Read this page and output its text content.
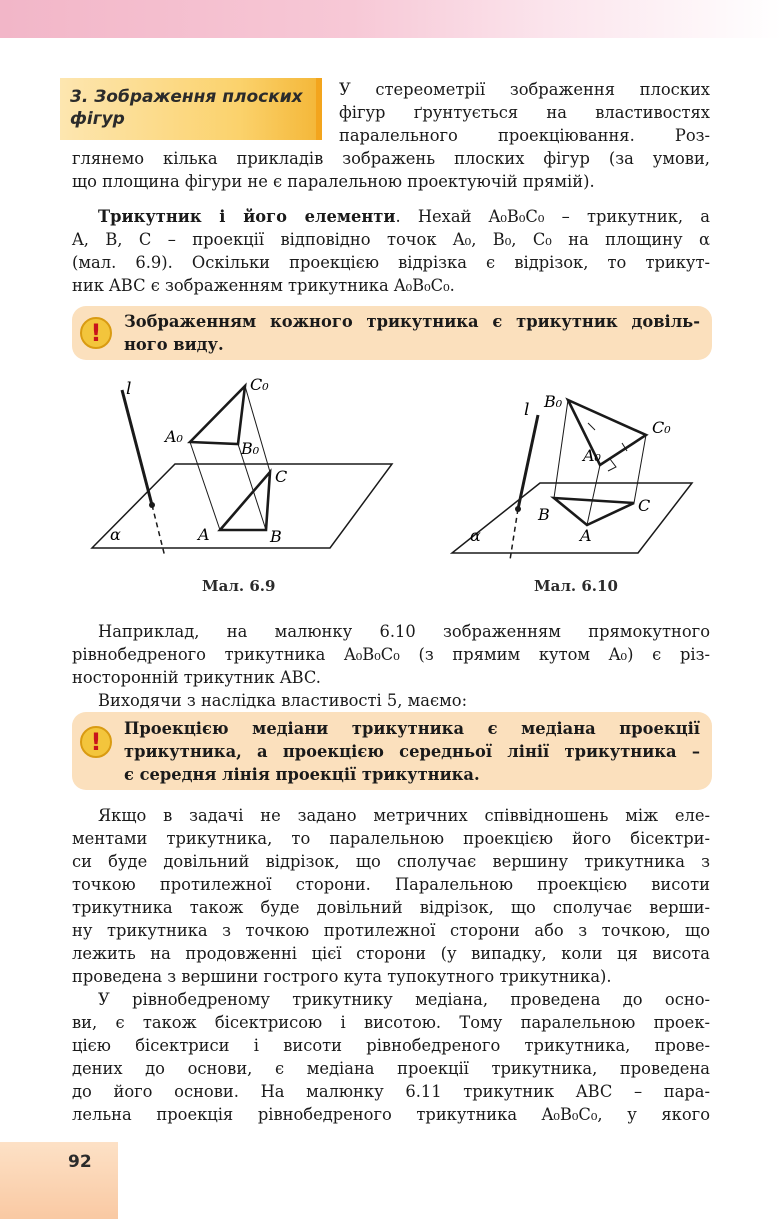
3. Зображення плоских
фігур
У стереометрії зображення плоских
фігур ґрунтується на властивостях
паралельного проекціювання. Роз-
глянемо кілька прикладів зображень плоских фігур (за умови,
що площина фігури не є паралельною проектуючій прямій).
Трикутник і його елементи. Нехай A₀B₀C₀ – трикутник, а
A, B, C – проекції відповідно точок A₀, B₀, C₀ на площину α
(мал. 6.9). Оскільки проекцією відрізка є відрізок, то трикут-
ник ABC є зображенням трикутника A₀B₀C₀.
!	Зображенням кожного трикутника є трикутник довіль-
ного виду.
l	C₀
A₀
B₀
C
A	B
α
l B₀
C₀
A₀
B	C
A
α
Мал. 6.9	Мал. 6.10
Наприклад, на малюнку 6.10 зображенням прямокутного
рівнобедреного трикутника A₀B₀C₀ (з прямим кутом A₀) є різ-
носторонній трикутник ABC.
Виходячи з наслідка властивості 5, маємо:
!	Проекцією медіани трикутника є медіана проекції
трикутника, а проекцією середньої лінії трикутника –
є середня лінія проекції трикутника.
Якщо в задачі не задано метричних співвідношень між еле-
ментами трикутника, то паралельною проекцією його бісектри-
си буде довільний відрізок, що сполучає вершину трикутника з
точкою протилежної сторони. Паралельною проекцією висоти
трикутника також буде довільний відрізок, що сполучає верши-
ну трикутника з точкою протилежної сторони або з точкою, що
лежить на продовженні цієї сторони (у випадку, коли ця висота
проведена з вершини гострого кута тупокутного трикутника).
У рівнобедреному трикутнику медіана, проведена до осно-
ви, є також бісектрисою і висотою. Тому паралельною проек-
цією бісектриси і висоти рівнобедреного трикутника, прове-
дених до основи, є медіана проекції трикутника, проведена
до його основи. На малюнку 6.11 трикутник ABC – пара-
лельна проекція рівнобедреного трикутника A₀B₀C₀, у якого
92
